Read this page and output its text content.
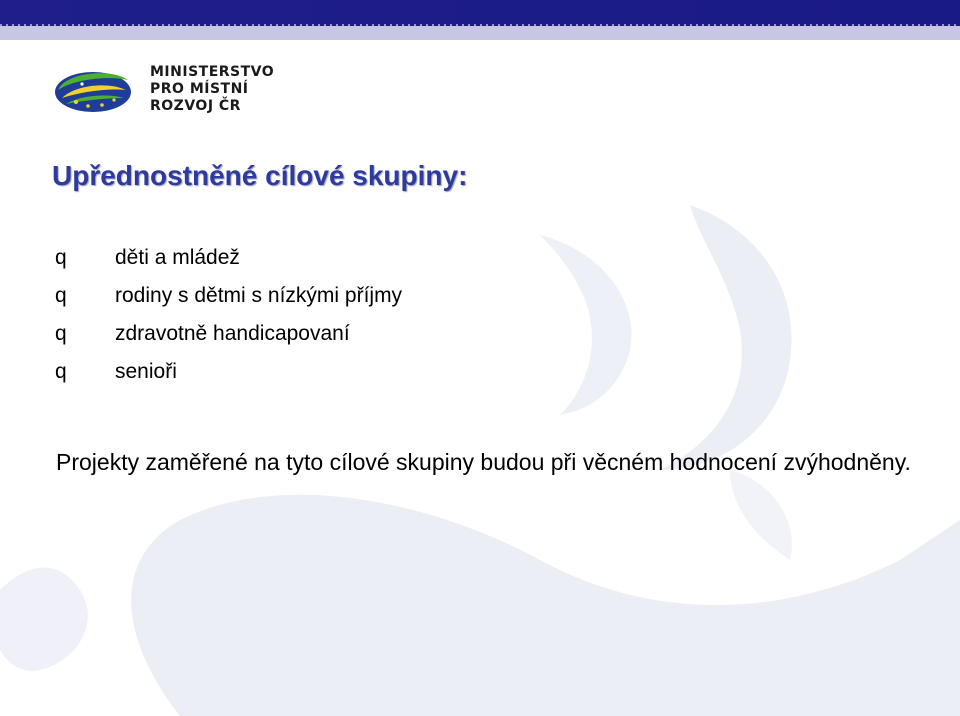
MINISTERSTVO
PRO MÍSTNÍ
ROZVOJ ČR
Upřednostněné cílové skupiny:
q	děti a mládež
q	rodiny s dětmi s nízkými příjmy
q	zdravotně handicapovaní
q	senioři

Projekty zaměřené na tyto cílové skupiny budou při věcném hodnocení zvýhodněny.
